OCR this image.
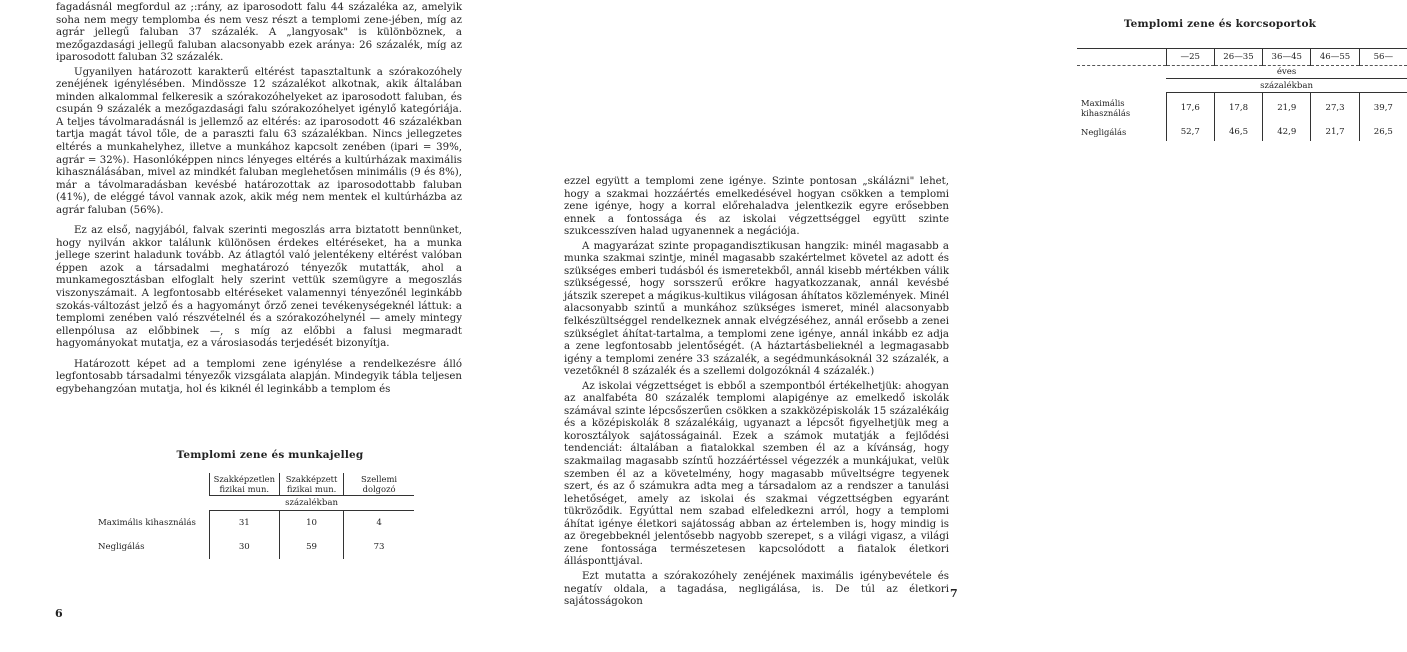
fagadásnál megfordul az ;:rány, az iparosodott falu 44 százaléka az, amelyik soha nem megy templomba és nem vesz részt a templomi zene-jében, míg az agrár jellegű faluban 37 százalék. A „langyosak" is különböznek, a mezőgazdasági jellegű faluban alacsonyabb ezek aránya: 26 százalék, míg az iparosodott faluban 32 százalék.

Ugyanilyen határozott karakterű eltérést tapasztaltunk a szórakozóhely zenéjének igénylésében. Mindössze 12 százalékot alkotnak, akik általában minden alkalommal felkeresik a szórakozóhelyeket az iparosodott faluban, és csupán 9 százalék a mezőgazdasági falu szórakozóhelyet igénylő kategóriája. A teljes távolmaradásnál is jellemző az eltérés: az iparosodott 46 százalékban tartja magát távol tőle, de a paraszti falu 63 százalékban. Nincs jellegzetes eltérés a munkahelyhez, illetve a munkához kapcsolt zenében (ipari = 39%, agrár = 32%). Hasonlóképpen nincs lényeges eltérés a kultúrházak maximális kihasználásában, mivel az mindkét faluban meglehetősen minimális (9 és 8%), már a távolmaradásban kevésbé határozottak az iparosodottabb faluban (41%), de eléggé távol vannak azok, akik még nem mentek el kultúrházba az agrár faluban (56%).

Ez az első, nagyjából, falvak szerinti megoszlás arra biztatott bennünket, hogy nyilván akkor találunk különösen érdekes eltéréseket, ha a munka jellege szerint haladunk tovább. Az átlagtól való jelentékeny eltérést valóban éppen azok a társadalmi meghatározó tényezők mutatták, ahol a munkamegosztásban elfoglalt hely szerint vettük szemügyre a megoszlás viszonyszámait. A legfontosabb eltéréseket valamennyi tényezőnél leginkább szokás-változást jelző és a hagyományt őrző zenei tevékenységeknél láttuk: a templomi zenében való részvételnél és a szórakozóhelynél — amely mintegy ellenpólusa az előbbinek —, s míg az előbbi a falusi megmaradt hagyományokat mutatja, ez a városiasodás terjedését bizonyítja.

Határozott képet ad a templomi zene igénylése a rendelkezésre álló legfontosabb társadalmi tényezők vizsgálata alapján. Mindegyik tábla teljesen egybehangzóan mutatja, hol és kiknél él leginkább a templom és

Templomi zene és munkajelleg
	Szakképzetlen fizikai mun.	Szakképzett fizikai mun.	Szellemi dolgozó
	százalékban		
Maximális kihasználás	31	10	4
Negligálás	30	59	73
6
Templomi zene és korcsoportok
	—25	26—35	36—45	46—55	56—
	éves				
	százalékban				
Maximális kihasználás	17,6	17,8	21,9	27,3	39,7
Negligálás	52,7	46,5	42,9	21,7	26,5

ezzel együtt a templomi zene igénye. Szinte pontosan „skálázni" lehet, hogy a szakmai hozzáértés emelkedésével hogyan csökken a templomi zene igénye, hogy a korral előrehaladva jelentkezik egyre erősebben ennek a fontossága és az iskolai végzettséggel együtt szinte szukcesszíven halad ugyanennek a negációja.

A magyarázat szinte propagandisztikusan hangzik: minél magasabb a munka szakmai szintje, minél magasabb szakértelmet követel az adott és szükséges emberi tudásból és ismeretekből, annál kisebb mértékben válik szükségessé, hogy sorsszerű erőkre hagyatkozzanak, annál kevésbé játszik szerepet a mágikus-kultikus világosan áhítatos közlemények. Minél alacsonyabb szintű a munkához szükséges ismeret, minél alacsonyabb felkészültséggel rendelkeznek annak elvégzéséhez, annál erősebb a zenei szükséglet áhítat-tartalma, a templomi zene igénye, annál inkább ez adja a zene legfontosabb jelentőségét. (A háztartásbelieknél a legmagasabb igény a templomi zenére 33 százalék, a segédmunkásoknál 32 százalék, a vezetőknél 8 százalék és a szellemi dolgozóknál 4 százalék.)

Az iskolai végzettséget is ebből a szempontból értékelhetjük: ahogyan az analfabéta 80 százalék templomi alapigénye az emelkedő iskolák számával szinte lépcsőszerűen csökken a szakközépiskolák 15 százalékáig és a középiskolák 8 százalékáig, ugyanazt a lépcsőt figyelhetjük meg a korosztályok sajátosságainál. Ezek a számok mutatják a fejlődési tendenciát: általában a fiatalokkal szemben él az a kívánság, hogy szakmailag magasabb színtű hozzáértéssel végezzék a munkájukat, velük szemben él az a követelmény, hogy magasabb műveltségre tegyenek szert, és az ő számukra adta meg a társadalom az a rendszer a tanulási lehetőséget, amely az iskolai és szakmai végzettségben egyaránt tükröződik. Egyúttal nem szabad elfeledkezni arról, hogy a templomi áhítat igénye életkori sajátosság abban az értelemben is, hogy mindig is az öregebbeknél jelentősebb nagyobb szerepet, s a világi vigasz, a világi zene fontossága természetesen kapcsolódott a fiatalok életkori állásponttjával.

Ezt mutatta a szórakozóhely zenéjének maximális igénybevétele és negatív oldala, a tagadása, negligálása, is. De túl az életkori sajátosságokon

7
